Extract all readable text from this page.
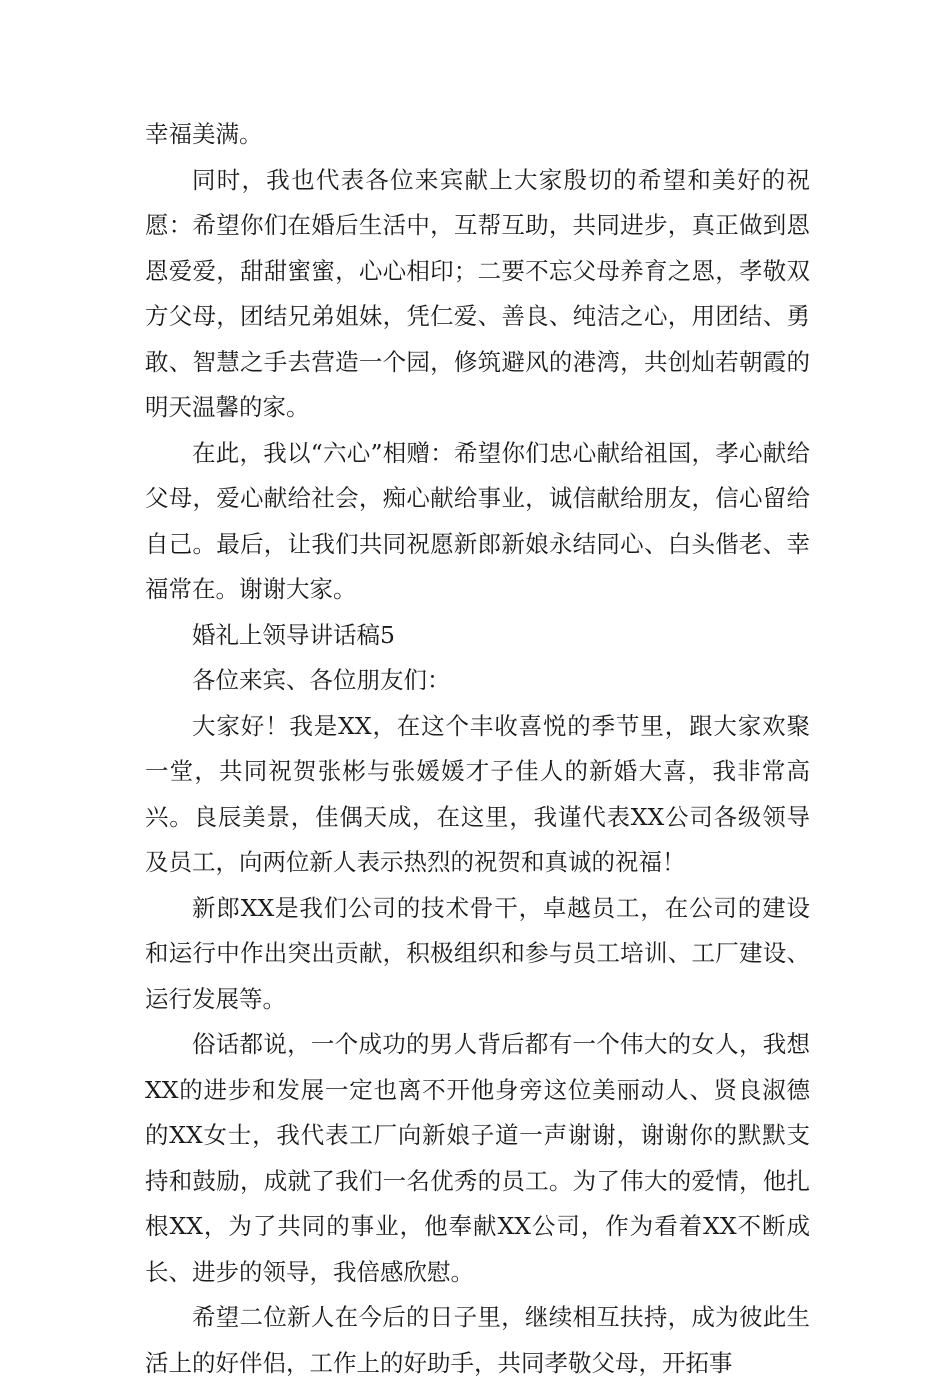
幸福美满。

同时，我也代表各位来宾献上大家殷切的希望和美好的祝愿：希望你们在婚后生活中，互帮互助，共同进步，真正做到恩恩爱爱，甜甜蜜蜜，心心相印；二要不忘父母养育之恩，孝敬双方父母，团结兄弟姐妹，凭仁爱、善良、纯洁之心，用团结、勇敢、智慧之手去营造一个园，修筑避风的港湾，共创灿若朝霞的明天温馨的家。

在此，我以“六心”相赠：希望你们忠心献给祖国，孝心献给父母，爱心献给社会，痴心献给事业，诚信献给朋友，信心留给自己。最后，让我们共同祝愿新郎新娘永结同心、白头偕老、幸福常在。谢谢大家。

婚礼上领导讲话稿5

各位来宾、各位朋友们：

大家好！我是XX，在这个丰收喜悦的季节里，跟大家欢聚一堂，共同祝贺张彬与张媛媛才子佳人的新婚大喜，我非常高兴。良辰美景，佳偶天成，在这里，我谨代表XX公司各级领导及员工，向两位新人表示热烈的祝贺和真诚的祝福！

新郎XX是我们公司的技术骨干，卓越员工，在公司的建设和运行中作出突出贡献，积极组织和参与员工培训、工厂建设、运行发展等。

俗话都说，一个成功的男人背后都有一个伟大的女人，我想XX的进步和发展一定也离不开他身旁这位美丽动人、贤良淑德的XX女士，我代表工厂向新娘子道一声谢谢，谢谢你的默默支持和鼓励，成就了我们一名优秀的员工。为了伟大的爱情，他扎根XX，为了共同的事业，他奉献XX公司，作为看着XX不断成长、进步的领导，我倍感欣慰。

希望二位新人在今后的日子里，继续相互扶持，成为彼此生活上的好伴侣，工作上的好助手，共同孝敬父母，开拓事
